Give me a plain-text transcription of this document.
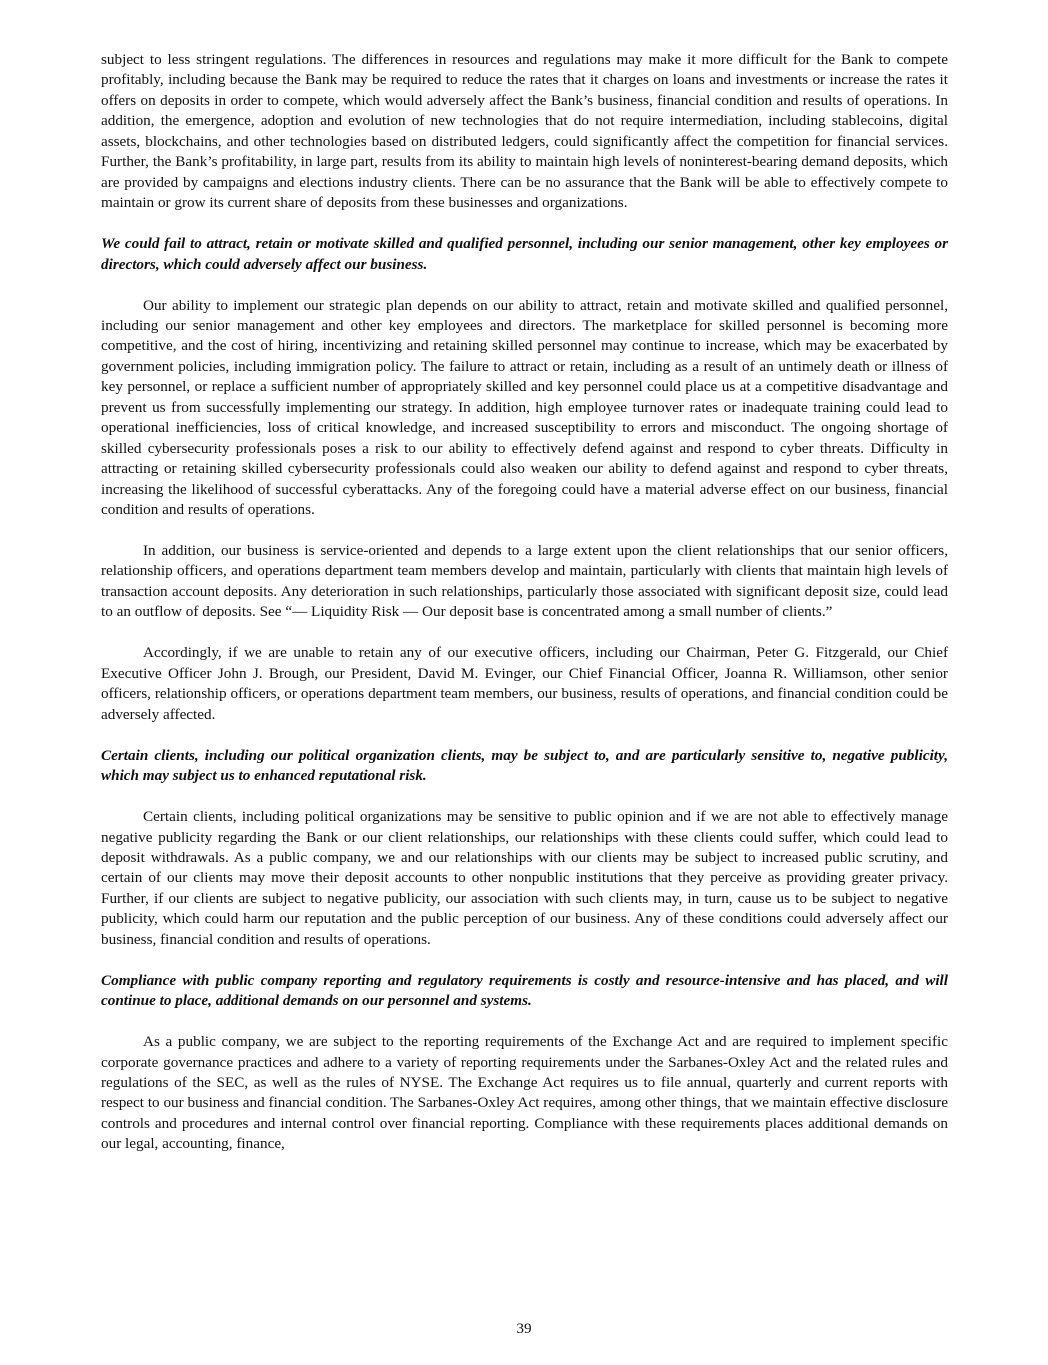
subject to less stringent regulations. The differences in resources and regulations may make it more difficult for the Bank to compete profitably, including because the Bank may be required to reduce the rates that it charges on loans and investments or increase the rates it offers on deposits in order to compete, which would adversely affect the Bank’s business, financial condition and results of operations. In addition, the emergence, adoption and evolution of new technologies that do not require intermediation, including stablecoins, digital assets, blockchains, and other technologies based on distributed ledgers, could significantly affect the competition for financial services. Further, the Bank’s profitability, in large part, results from its ability to maintain high levels of noninterest-bearing demand deposits, which are provided by campaigns and elections industry clients. There can be no assurance that the Bank will be able to effectively compete to maintain or grow its current share of deposits from these businesses and organizations.

We could fail to attract, retain or motivate skilled and qualified personnel, including our senior management, other key employees or directors, which could adversely affect our business.

Our ability to implement our strategic plan depends on our ability to attract, retain and motivate skilled and qualified personnel, including our senior management and other key employees and directors. The marketplace for skilled personnel is becoming more competitive, and the cost of hiring, incentivizing and retaining skilled personnel may continue to increase, which may be exacerbated by government policies, including immigration policy. The failure to attract or retain, including as a result of an untimely death or illness of key personnel, or replace a sufficient number of appropriately skilled and key personnel could place us at a competitive disadvantage and prevent us from successfully implementing our strategy. In addition, high employee turnover rates or inadequate training could lead to operational inefficiencies, loss of critical knowledge, and increased susceptibility to errors and misconduct. The ongoing shortage of skilled cybersecurity professionals poses a risk to our ability to effectively defend against and respond to cyber threats. Difficulty in attracting or retaining skilled cybersecurity professionals could also weaken our ability to defend against and respond to cyber threats, increasing the likelihood of successful cyberattacks. Any of the foregoing could have a material adverse effect on our business, financial condition and results of operations.

In addition, our business is service-oriented and depends to a large extent upon the client relationships that our senior officers, relationship officers, and operations department team members develop and maintain, particularly with clients that maintain high levels of transaction account deposits. Any deterioration in such relationships, particularly those associated with significant deposit size, could lead to an outflow of deposits. See “— Liquidity Risk — Our deposit base is concentrated among a small number of clients.”

Accordingly, if we are unable to retain any of our executive officers, including our Chairman, Peter G. Fitzgerald, our Chief Executive Officer John J. Brough, our President, David M. Evinger, our Chief Financial Officer, Joanna R. Williamson, other senior officers, relationship officers, or operations department team members, our business, results of operations, and financial condition could be adversely affected.

Certain clients, including our political organization clients, may be subject to, and are particularly sensitive to, negative publicity, which may subject us to enhanced reputational risk.

Certain clients, including political organizations may be sensitive to public opinion and if we are not able to effectively manage negative publicity regarding the Bank or our client relationships, our relationships with these clients could suffer, which could lead to deposit withdrawals. As a public company, we and our relationships with our clients may be subject to increased public scrutiny, and certain of our clients may move their deposit accounts to other nonpublic institutions that they perceive as providing greater privacy. Further, if our clients are subject to negative publicity, our association with such clients may, in turn, cause us to be subject to negative publicity, which could harm our reputation and the public perception of our business. Any of these conditions could adversely affect our business, financial condition and results of operations.

Compliance with public company reporting and regulatory requirements is costly and resource-intensive and has placed, and will continue to place, additional demands on our personnel and systems.

As a public company, we are subject to the reporting requirements of the Exchange Act and are required to implement specific corporate governance practices and adhere to a variety of reporting requirements under the Sarbanes-Oxley Act and the related rules and regulations of the SEC, as well as the rules of NYSE. The Exchange Act requires us to file annual, quarterly and current reports with respect to our business and financial condition. The Sarbanes-Oxley Act requires, among other things, that we maintain effective disclosure controls and procedures and internal control over financial reporting. Compliance with these requirements places additional demands on our legal, accounting, finance,

39
